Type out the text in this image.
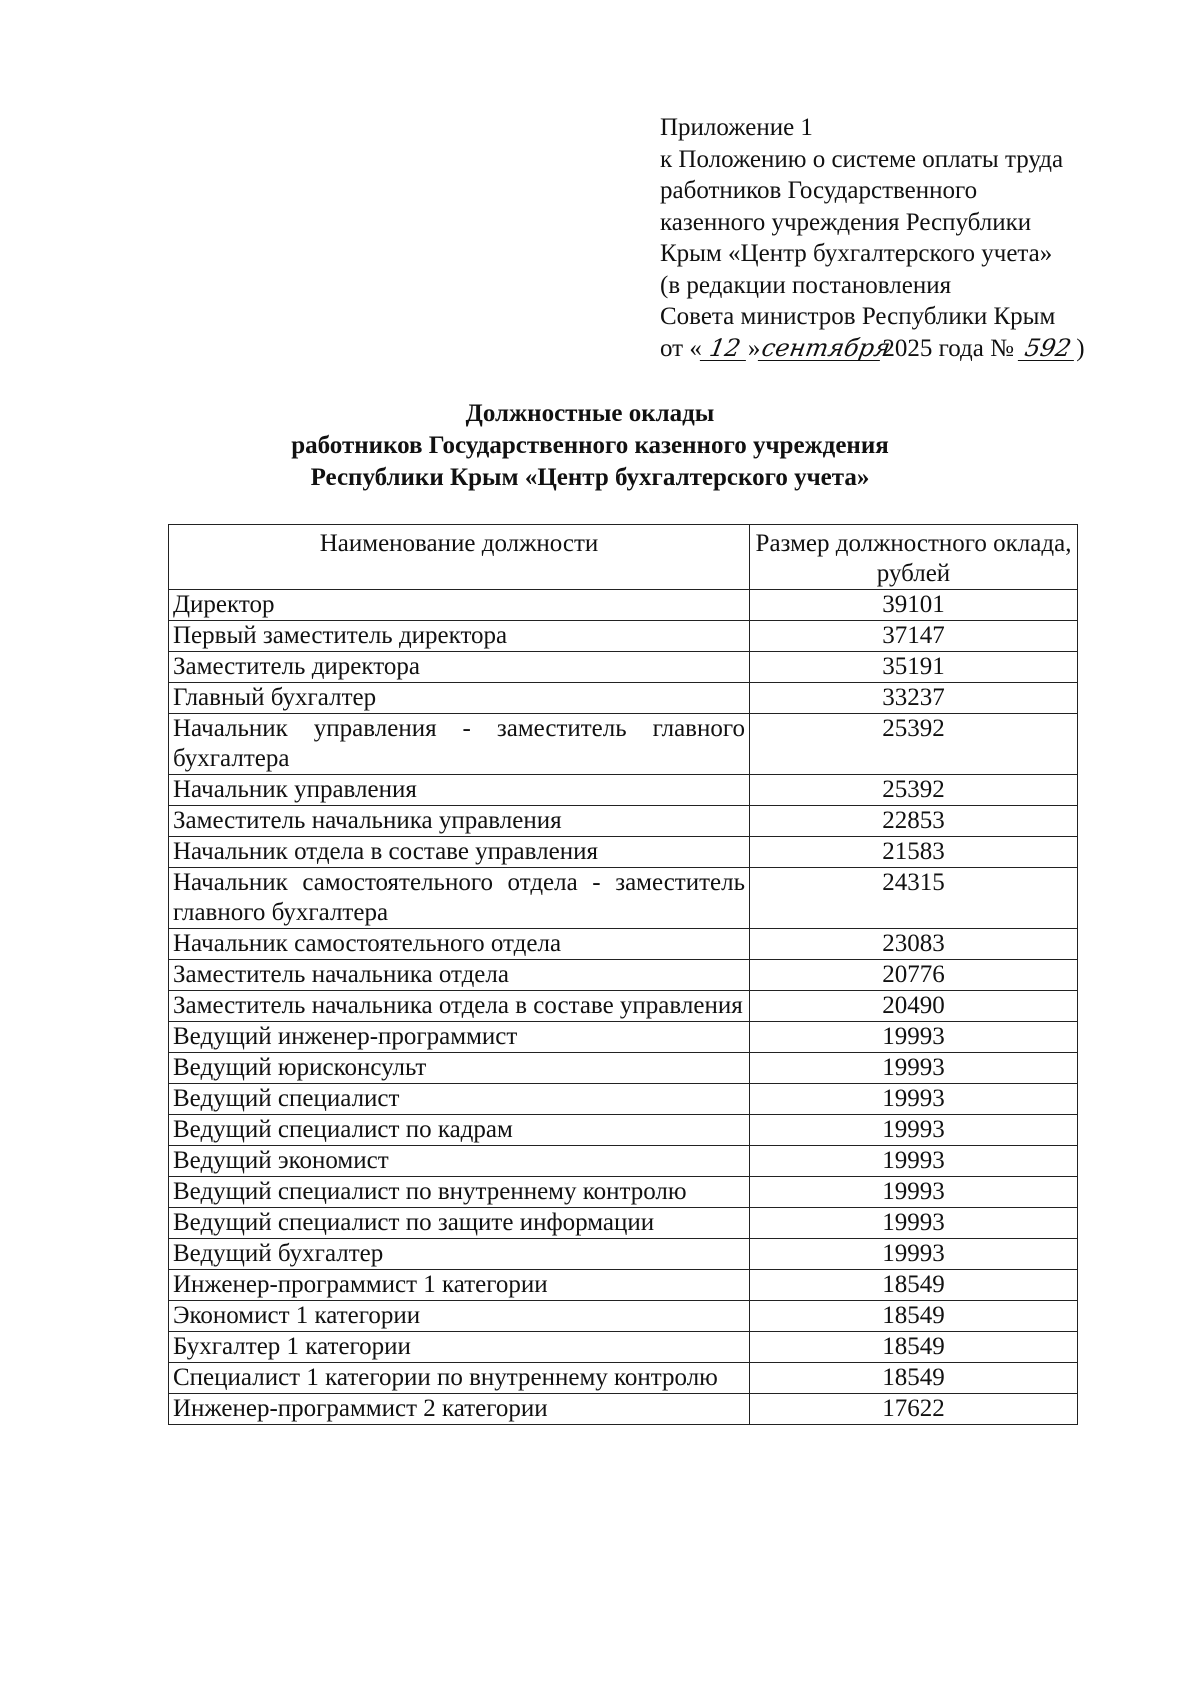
Приложение 1
к Положению о системе оплаты труда
работников Государственного
казенного учреждения Республики
Крым «Центр бухгалтерского учета»
(в редакции постановления
Совета министров Республики Крым
от « 12 »сентября2025 года № 592 )
Должностные оклады
работников Государственного казенного учреждения
Республики Крым «Центр бухгалтерского учета»
Наименование должности	Размер должностного оклада, рублей
Директор	39101
Первый заместитель директора	37147
Заместитель директора	35191
Главный бухгалтер	33237
Начальник управления - заместитель главного бухгалтера	25392
Начальник управления	25392
Заместитель начальника управления	22853
Начальник отдела в составе управления	21583
Начальник самостоятельного отдела - заместитель главного бухгалтера	24315
Начальник самостоятельного отдела	23083
Заместитель начальника отдела	20776
Заместитель начальника отдела в составе управления	20490
Ведущий инженер-программист	19993
Ведущий юрисконсульт	19993
Ведущий специалист	19993
Ведущий специалист по кадрам	19993
Ведущий экономист	19993
Ведущий специалист по внутреннему контролю	19993
Ведущий специалист по защите информации	19993
Ведущий бухгалтер	19993
Инженер-программист 1 категории	18549
Экономист 1 категории	18549
Бухгалтер 1 категории	18549
Специалист 1 категории по внутреннему контролю	18549
Инженер-программист 2 категории	17622
